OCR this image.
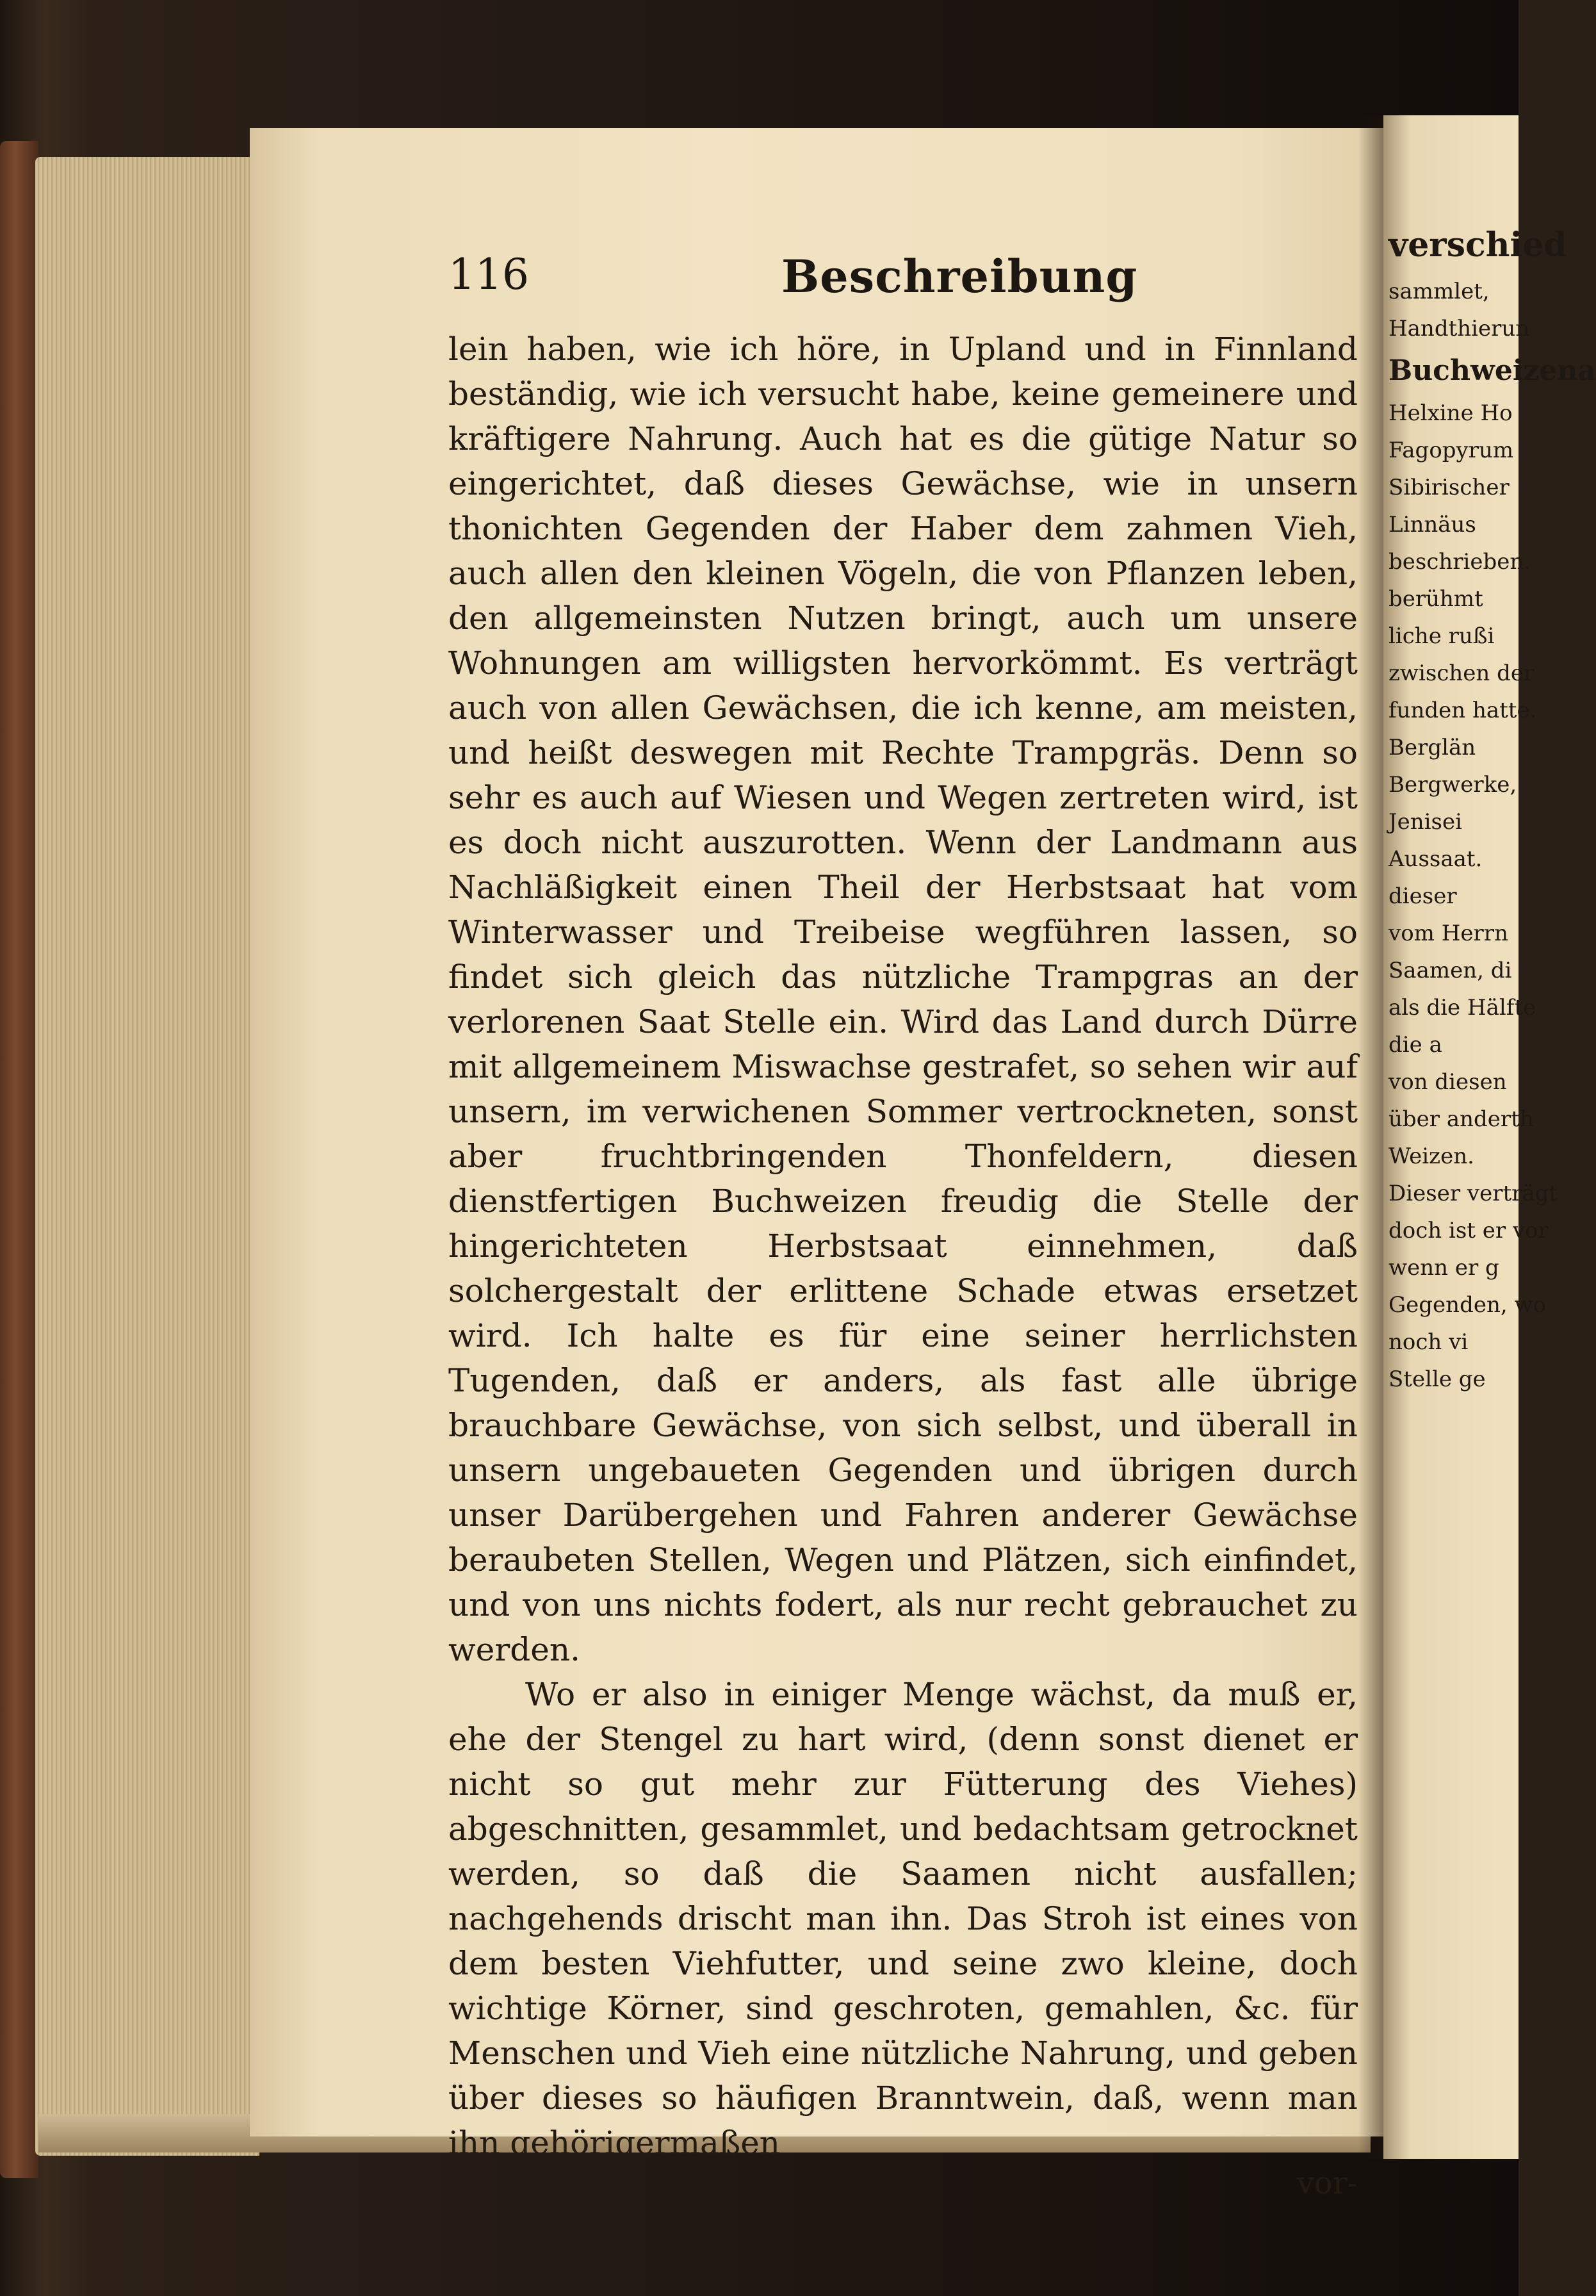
116	Beschreibung

lein haben, wie ich höre, in Upland und in Finnland beständig, wie ich versucht habe, keine gemeinere und kräftigere Nahrung. Auch hat es die gütige Natur so eingerichtet, daß dieses Gewächse, wie in unsern thonichten Gegenden der Haber dem zahmen Vieh, auch allen den kleinen Vögeln, die von Pflanzen leben, den allgemeinsten Nutzen bringt, auch um unsere Wohnungen am willigsten hervorkömmt. Es verträgt auch von allen Gewächsen, die ich kenne, am meisten, und heißt deswegen mit Rechte Trampgräs. Denn so sehr es auch auf Wiesen und Wegen zertreten wird, ist es doch nicht auszurotten. Wenn der Landmann aus Nachläßigkeit einen Theil der Herbstsaat hat vom Winterwasser und Treibeise wegführen lassen, so findet sich gleich das nützliche Trampgras an der verlorenen Saat Stelle ein. Wird das Land durch Dürre mit allgemeinem Miswachse gestrafet, so sehen wir auf unsern, im verwichenen Sommer vertrockneten, sonst aber fruchtbringenden Thonfeldern, diesen dienstfertigen Buchweizen freudig die Stelle der hingerichteten Herbstsaat einnehmen, daß solchergestalt der erlittene Schade etwas ersetzet wird. Ich halte es für eine seiner herrlichsten Tugenden, daß er anders, als fast alle übrige brauchbare Gewächse, von sich selbst, und überall in unsern ungebaueten Gegenden und übrigen durch unser Darübergehen und Fahren anderer Gewächse beraubeten Stellen, Wegen und Plätzen, sich einfindet, und von uns nichts fodert, als nur recht gebrauchet zu werden.

Wo er also in einiger Menge wächst, da muß er, ehe der Stengel zu hart wird, (denn sonst dienet er nicht so gut mehr zur Fütterung des Viehes) abgeschnitten, gesammlet, und bedachtsam getrocknet werden, so daß die Saamen nicht ausfallen; nachgehends drischt man ihn. Das Stroh ist eines von dem besten Viehfutter, und seine zwo kleine, doch wichtige Körner, sind geschroten, gemahlen, &c. für Menschen und Vieh eine nützliche Nahrung, und geben über dieses so häufigen Branntwein, daß, wenn man ihn gehörigermaßen

vor-
verschied
sammlet,
Handthierun
Buchweizena
Helxine Ho
Fagopyrum
Sibirischer
Linnäus
beschrieben.
berühmt
liche rußi
zwischen der
funden hatte.
Berglän
Bergwerke,
Jenisei
Aussaat.
dieser
vom Herrn
Saamen, di
als die Hälfte
die a
von diesen
über anderth
Weizen.
Dieser verträgt
doch ist er vor
wenn er g
Gegenden, wo
noch vi
Stelle ge
